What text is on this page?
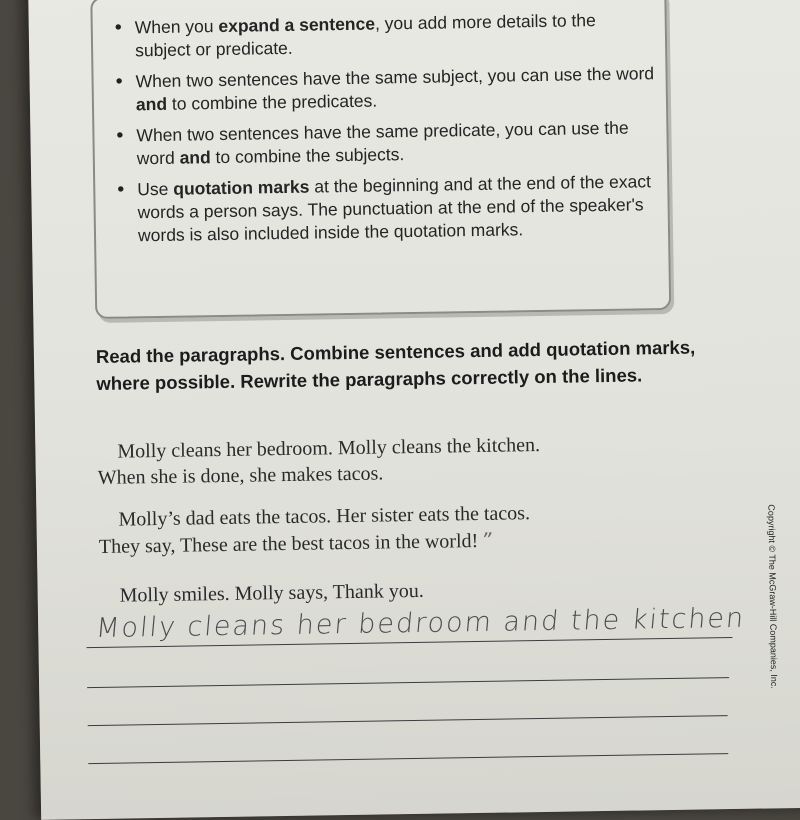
• When you expand a sentence, you add more details to the subject or predicate.
• When two sentences have the same subject, you can use the word and to combine the predicates.
• When two sentences have the same predicate, you can use the word and to combine the subjects.
• Use quotation marks at the beginning and at the end of the exact words a person says. The punctuation at the end of the speaker's words is also included inside the quotation marks.
Read the paragraphs. Combine sentences and add quotation marks, where possible. Rewrite the paragraphs correctly on the lines.
Molly cleans her bedroom. Molly cleans the kitchen.
When she is done, she makes tacos.
Molly’s dad eats the tacos. Her sister eats the tacos.
They say, These are the best tacos in the world! ”
Molly smiles. Molly says, Thank you.
Molly cleans her bedroom and the kitchen Copyright © The McGraw-Hill Companies, Inc.
